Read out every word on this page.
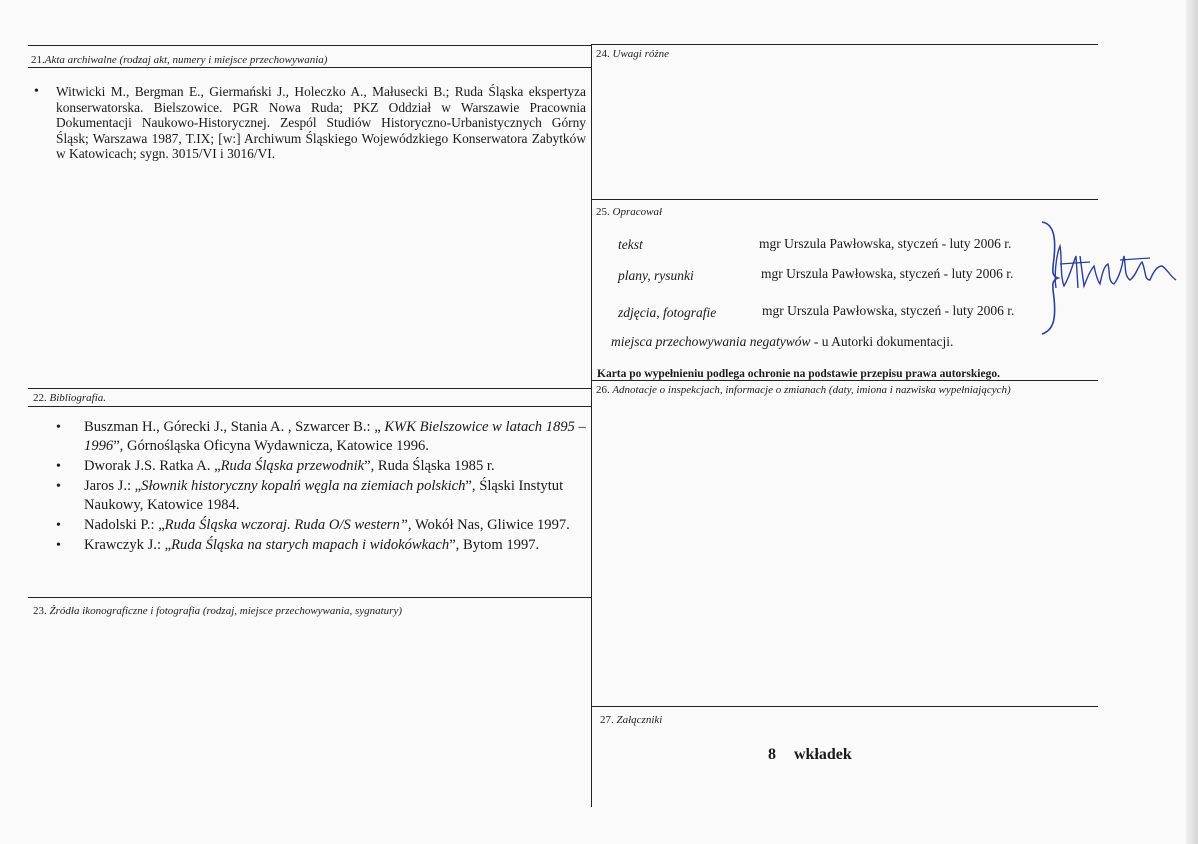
21.Akta archiwalne (rodzaj akt, numery i miejsce przechowywania)
• Witwicki M., Bergman E., Giermański J., Holeczko A., Małusecki B.; Ruda Śląska ekspertyza konserwatorska. Bielszowice. PGR Nowa Ruda; PKZ Oddział w Warszawie Pracownia Dokumentacji Naukowo-Historycznej. Zespól Studiów Historyczno-Urbanistycznych Górny Śląsk; Warszawa 1987, T.IX; [w:] Archiwum Śląskiego Wojewódzkiego Konserwatora Zabytków w Katowicach; sygn. 3015/VI i 3016/VI.
22. Bibliografia.
• Buszman H., Górecki J., Stania A. , Szwarcer B.: „ KWK Bielszowice w latach 1895 – 1996”, Górnośląska Oficyna Wydawnicza, Katowice 1996.
• Dworak J.S. Ratka A. „Ruda Śląska przewodnik”, Ruda Śląska 1985 r.
• Jaros J.: „Słownik historyczny kopalń węgla na ziemiach polskich”, Śląski Instytut Naukowy, Katowice 1984.
• Nadolski P.: „Ruda Śląska wczoraj. Ruda O/S western”, Wokół Nas, Gliwice 1997.
• Krawczyk J.: „Ruda Śląska na starych mapach i widokówkach”, Bytom 1997.
23. Źródła ikonograficzne i fotografia (rodzaj, miejsce przechowywania, sygnatury)
24. Uwagi różne
25. Opracował
tekst	mgr Urszula Pawłowska, styczeń - luty 2006 r.
plany, rysunki	mgr Urszula Pawłowska, styczeń - luty 2006 r.
zdjęcia, fotografie	mgr Urszula Pawłowska, styczeń - luty 2006 r.
miejsca przechowywania negatywów - u Autorki dokumentacji.
Karta po wypełnieniu podlega ochronie na podstawie przepisu prawa autorskiego.
26. Adnotacje o inspekcjach, informacje o zmianach (daty, imiona i nazwiska wypełniających)
27. Załączniki
8 wkładek
